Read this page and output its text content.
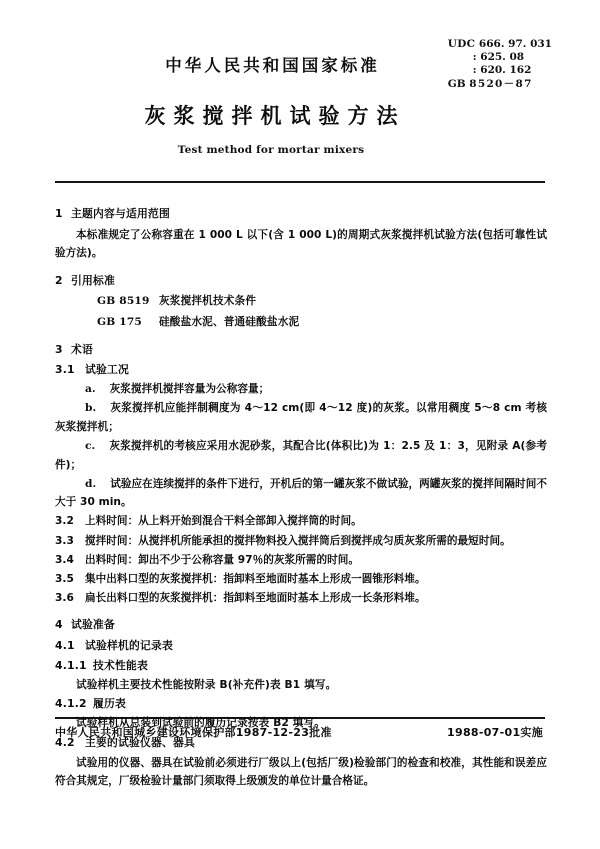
中华人民共和国国家标准
灰浆搅拌机试验方法
Test method for mortar mixers
UDC 666. 97. 031
: 625. 08
: 620. 162
GB 8520－87
1 主题内容与适用范围

本标准规定了公称容重在 1 000 L 以下(含 1 000 L)的周期式灰浆搅拌机试验方法(包括可靠性试验方法)。

2 引用标准
GB 8519 灰浆搅拌机技术条件
GB 175 硅酸盐水泥、普通硅酸盐水泥
3 术语
3.1 试验工况

a. 灰浆搅拌机搅拌容量为公称容量；

b. 灰浆搅拌机应能拌制稠度为 4～12 cm(即 4～12 度)的灰浆。以常用稠度 5～8 cm 考核灰浆搅拌机；

c. 灰浆搅拌机的考核应采用水泥砂浆，其配合比(体积比)为 1：2.5 及 1：3，见附录 A(参考件)；

d. 试验应在连续搅拌的条件下进行，开机后的第一罐灰浆不做试验，两罐灰浆的搅拌间隔时间不大于 30 min。

3.2 上料时间：从上料开始到混合干料全部卸入搅拌筒的时间。

3.3 搅拌时间：从搅拌机所能承担的搅拌物料投入搅拌筒后到搅拌成匀质灰浆所需的最短时间。

3.4 出料时间：卸出不少于公称容量 97％的灰浆所需的时间。

3.5 集中出料口型的灰浆搅拌机：指卸料至地面时基本上形成一圆锥形料堆。

3.6 扁长出料口型的灰浆搅拌机：指卸料至地面时基本上形成一长条形料堆。

4 试验准备
4.1 试验样机的记录表
4.1.1 技术性能表

试验样机主要技术性能按附录 B(补充件)表 B1 填写。

4.1.2 履历表

试验样机从总装到试验前的履历记录按表 B2 填写。

4.2 主要的试验仪器、器具

试验用的仪器、器具在试验前必须进行厂级以上(包括厂级)检验部门的检查和校准，其性能和误差应符合其规定，厂级检验计量部门须取得上级颁发的单位计量合格证。

中华人民共和国城乡建设环境保护部1987-12-23批准	1988-07-01实施
